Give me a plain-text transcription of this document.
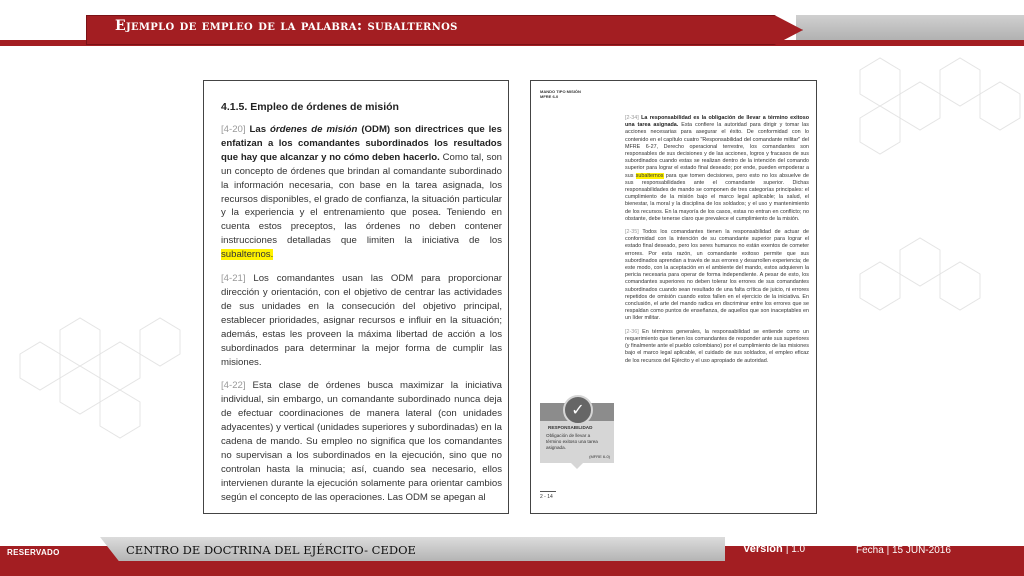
Ejemplo de empleo de la palabra: subalternos
4.1.5. Empleo de órdenes de misión

[4-20] Las órdenes de misión (ODM) son directrices que les enfatizan a los comandantes subordinados los resultados que hay que alcanzar y no cómo deben hacerlo. Como tal, son un concepto de órdenes que brindan al comandante subordinado la información necesaria, con base en la tarea asignada, los recursos disponibles, el grado de confianza, la situación particular y la experiencia y el entrenamiento que posea. Teniendo en cuenta estos preceptos, las órdenes no deben contener instrucciones detalladas que limiten la iniciativa de los subalternos.

[4-21] Los comandantes usan las ODM para proporcionar dirección y orientación, con el objetivo de centrar las actividades de sus unidades en la consecución del objetivo principal, establecer prioridades, asignar recursos e influir en la situación; además, estas les proveen la máxima libertad de acción a los subordinados para determinar la mejor forma de cumplir las misiones.

[4-22] Esta clase de órdenes busca maximizar la iniciativa individual, sin embargo, un comandante subordinado nunca deja de efectuar coordinaciones de manera lateral (con unidades adyacentes) y vertical (unidades superiores y subordinadas) en la cadena de mando. Su empleo no significa que los comandantes no supervisan a los subordinados en la ejecución, sino que no controlan hasta la minucia; así, cuando sea necesario, ellos intervienen durante la ejecución solamente para orientar cambios según el concepto de las operaciones. Las ODM se apegan al

MANDO TIPO MISIÓN
MFRE 6-0

[2-34] La responsabilidad es la obligación de llevar a término exitoso una tarea asignada. Esta confiere la autoridad para dirigir y tomar las acciones necesarias para asegurar el éxito. De conformidad con lo contenido en el capítulo cuatro "Responsabilidad del comandante militar" del MFRE 6-27, Derecho operacional terrestre, los comandantes son responsables de sus decisiones y de las acciones, logros y fracasos de sus subordinados cuando estas se realizan dentro de la intención del comando superior para lograr el estado final deseado; por ende, pueden empoderar a sus subalternos para que tomen decisiones, pero esto no los absuelve de sus responsabilidades ante el comandante superior. Dichas responsabilidades de mando se componen de tres categorías principales: el cumplimiento de la misión bajo el marco legal aplicable; la salud, el bienestar, la moral y la disciplina de los soldados; y el uso y mantenimiento de los recursos. En la mayoría de los casos, estas no entran en conflicto; no obstante, debe tenerse claro que prevalece el cumplimiento de la misión.

[2-35] Todos los comandantes tienen la responsabilidad de actuar de conformidad con la intención de su comandante superior para lograr el estado final deseado, pero los seres humanos no están exentos de cometer errores. Por esta razón, un comandante exitoso permite que sus subordinados aprendan a través de sus errores y desarrollen experiencia; de este modo, con la aceptación en el ambiente del mando, estos adquieren la pericia necesaria para operar de forma independiente. A pesar de esto, los comandantes superiores no deben tolerar los errores de sus comandantes subordinados cuando sean resultado de una falta crítica de juicio, ni errores repetidos de omisión cuando estos fallen en el ejercicio de la iniciativa. En conclusión, el arte del mando radica en discriminar entre los errores que se respaldan como puntos de enseñanza, de aquellos que son inaceptables en un líder militar.

[2-36] En términos generales, la responsabilidad se entiende como un requerimiento que tienen los comandantes de responder ante sus superiores (y finalmente ante el pueblo colombiano) por el cumplimiento de las misiones bajo el marco legal aplicable, el cuidado de sus soldados, el empleo eficaz de los recursos del Ejército y el uso apropiado de autoridad.

✓
RESPONSABILIDAD
Obligación de llevar a término exitoso una tarea asignada.
(MFRE 6-0)
2 - 14
RESERVADO	CENTRO DE DOCTRINA DEL EJÉRCITO- CEDOE	Versión | 1.0	Fecha | 15 JUN-2016
